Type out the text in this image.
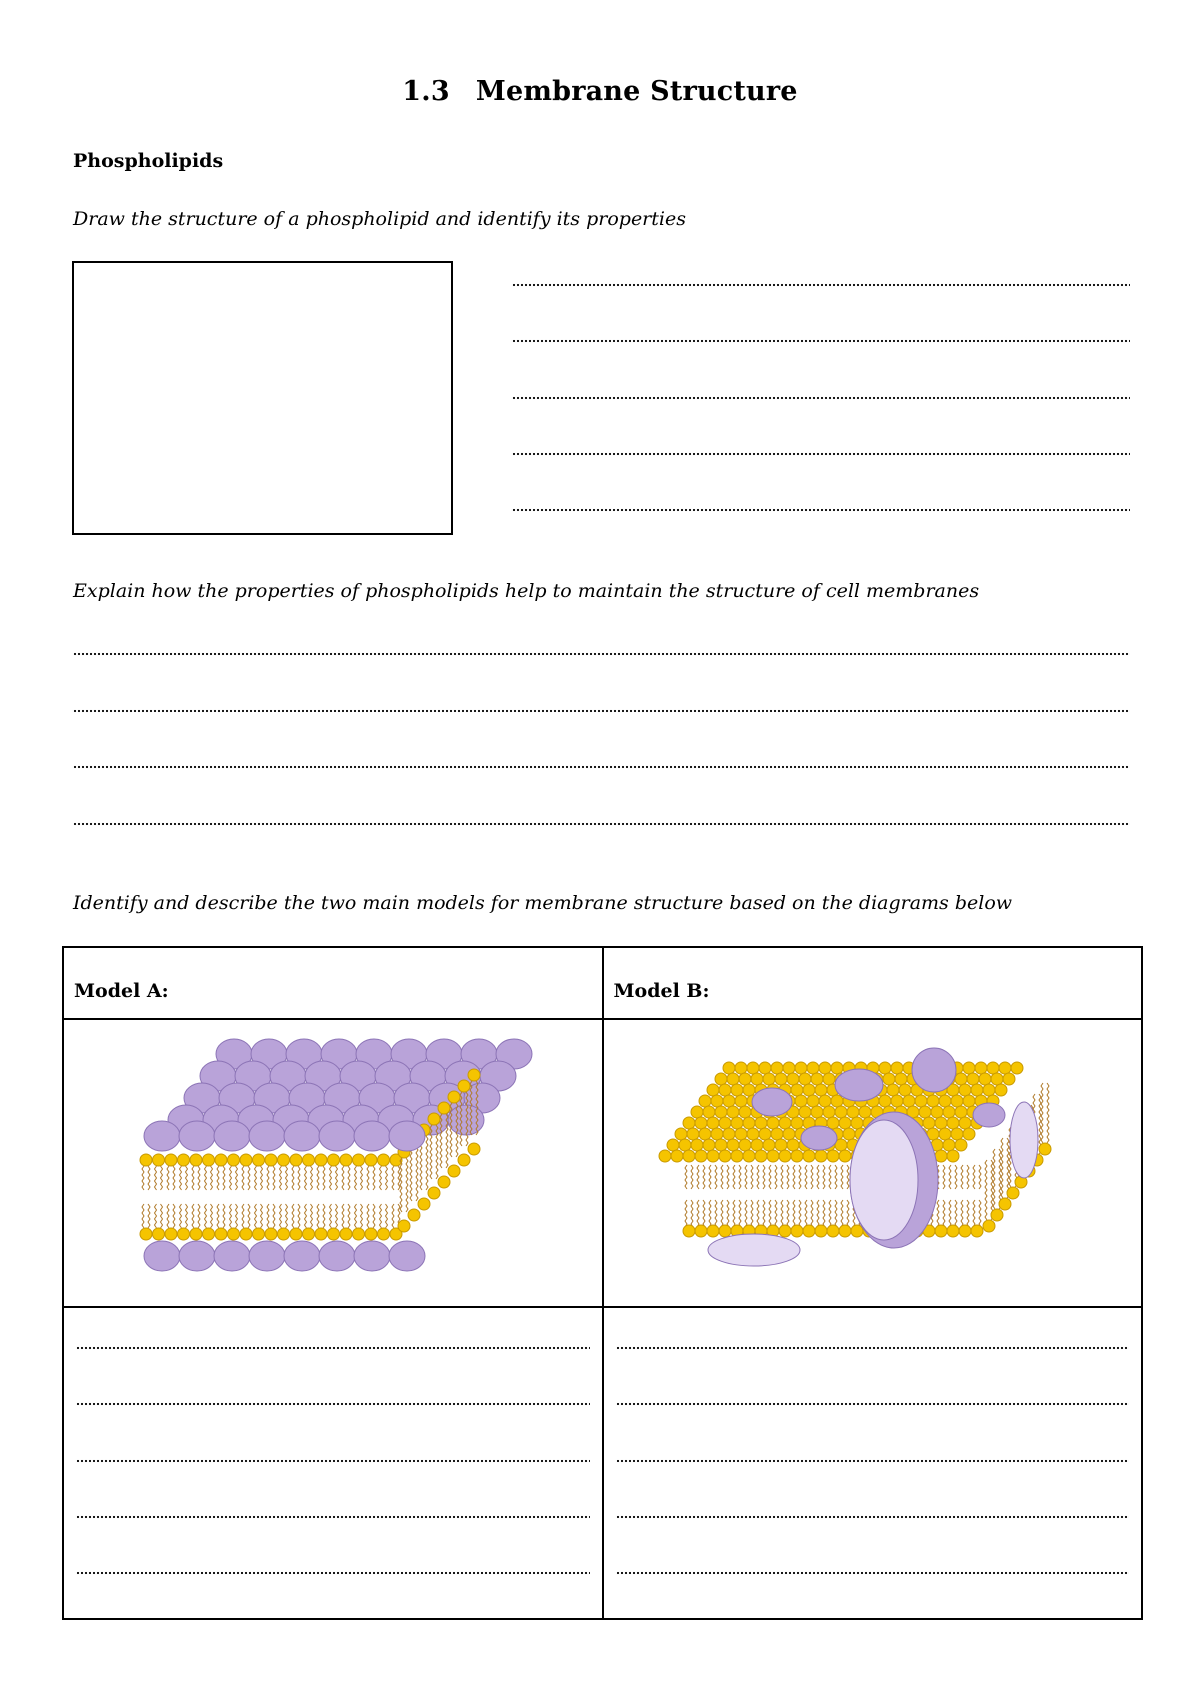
1.3 Membrane Structure
Phospholipids
Draw the structure of a phospholipid and identify its properties
Explain how the properties of phospholipids help to maintain the structure of cell membranes
Identify and describe the two main models for membrane structure based on the diagrams below
Model A:	Model B:
